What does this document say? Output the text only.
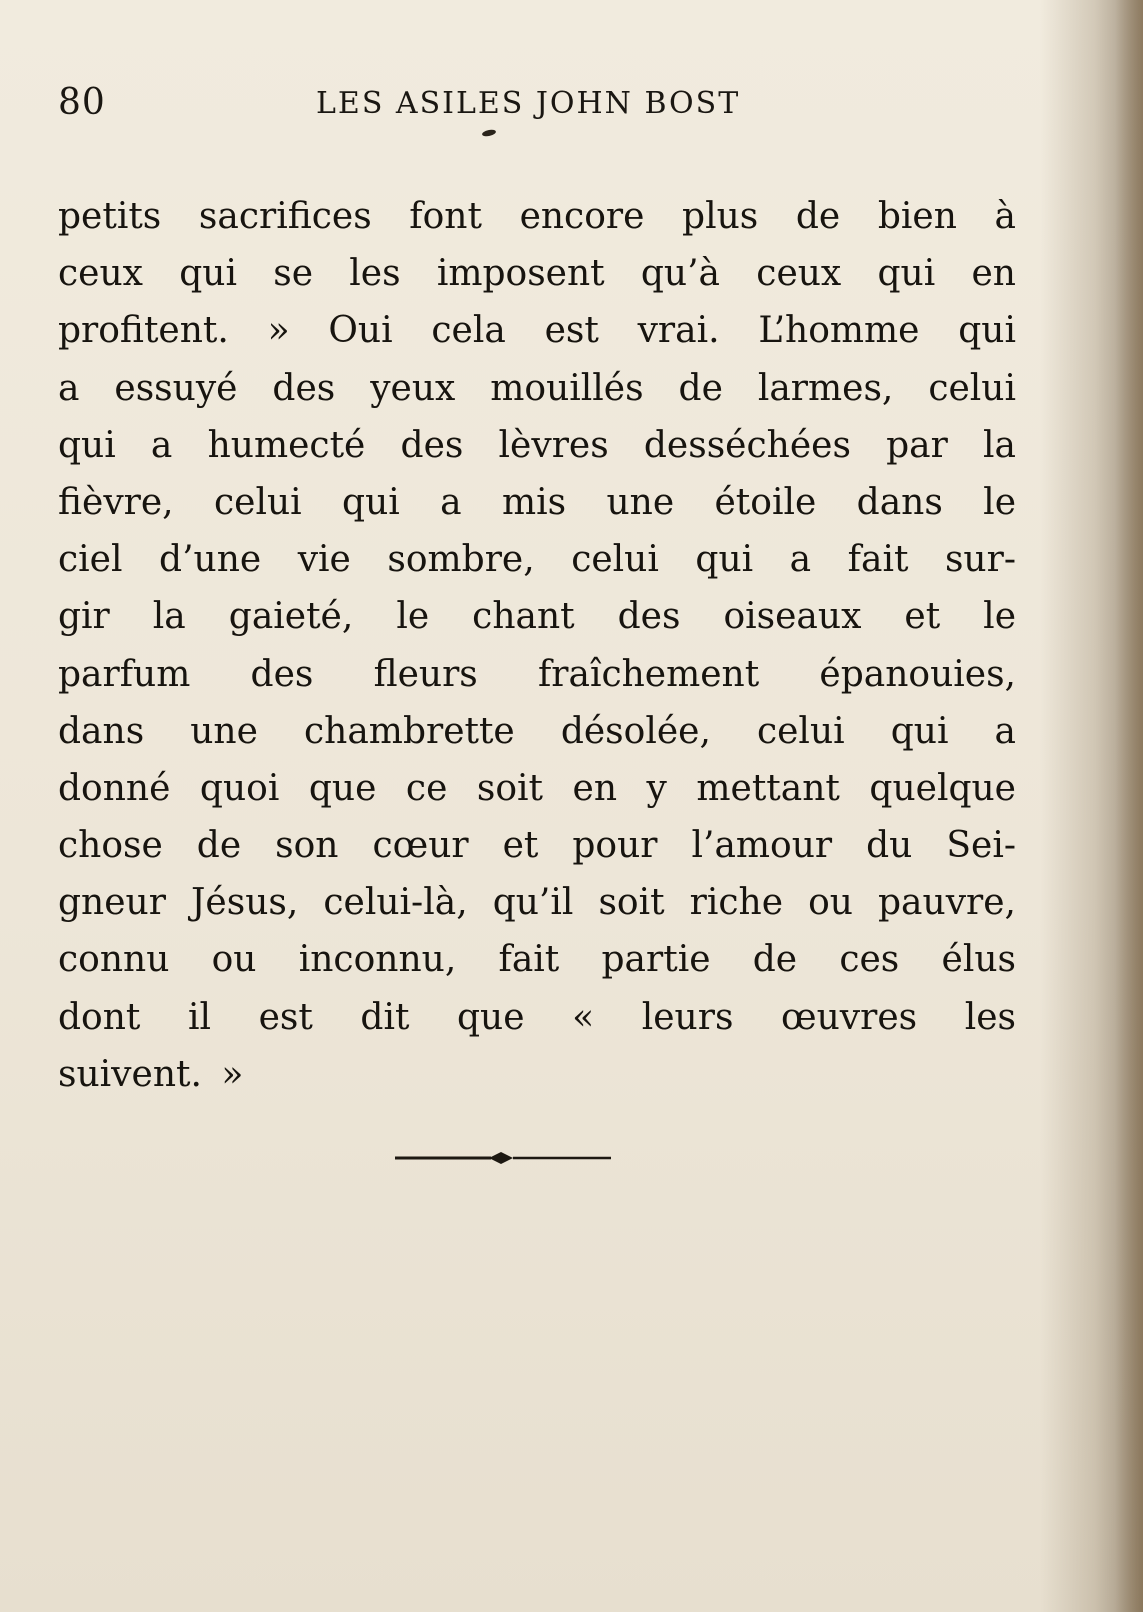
80	LES ASILES JOHN BOST
petits sacrifices font encore plus de bien à
ceux qui se les imposent qu’à ceux qui en
profitent. » Oui cela est vrai. L’homme qui
a essuyé des yeux mouillés de larmes, celui
qui a humecté des lèvres desséchées par la
fièvre, celui qui a mis une étoile dans le
ciel d’une vie sombre, celui qui a fait sur-
gir la gaieté, le chant des oiseaux et le
parfum des fleurs fraîchement épanouies,
dans une chambrette désolée, celui qui a
donné quoi que ce soit en y mettant quelque
chose de son cœur et pour l’amour du Sei-
gneur Jésus, celui-là, qu’il soit riche ou pauvre,
connu ou inconnu, fait partie de ces élus
dont il est dit que « leurs œuvres les
suivent. »
